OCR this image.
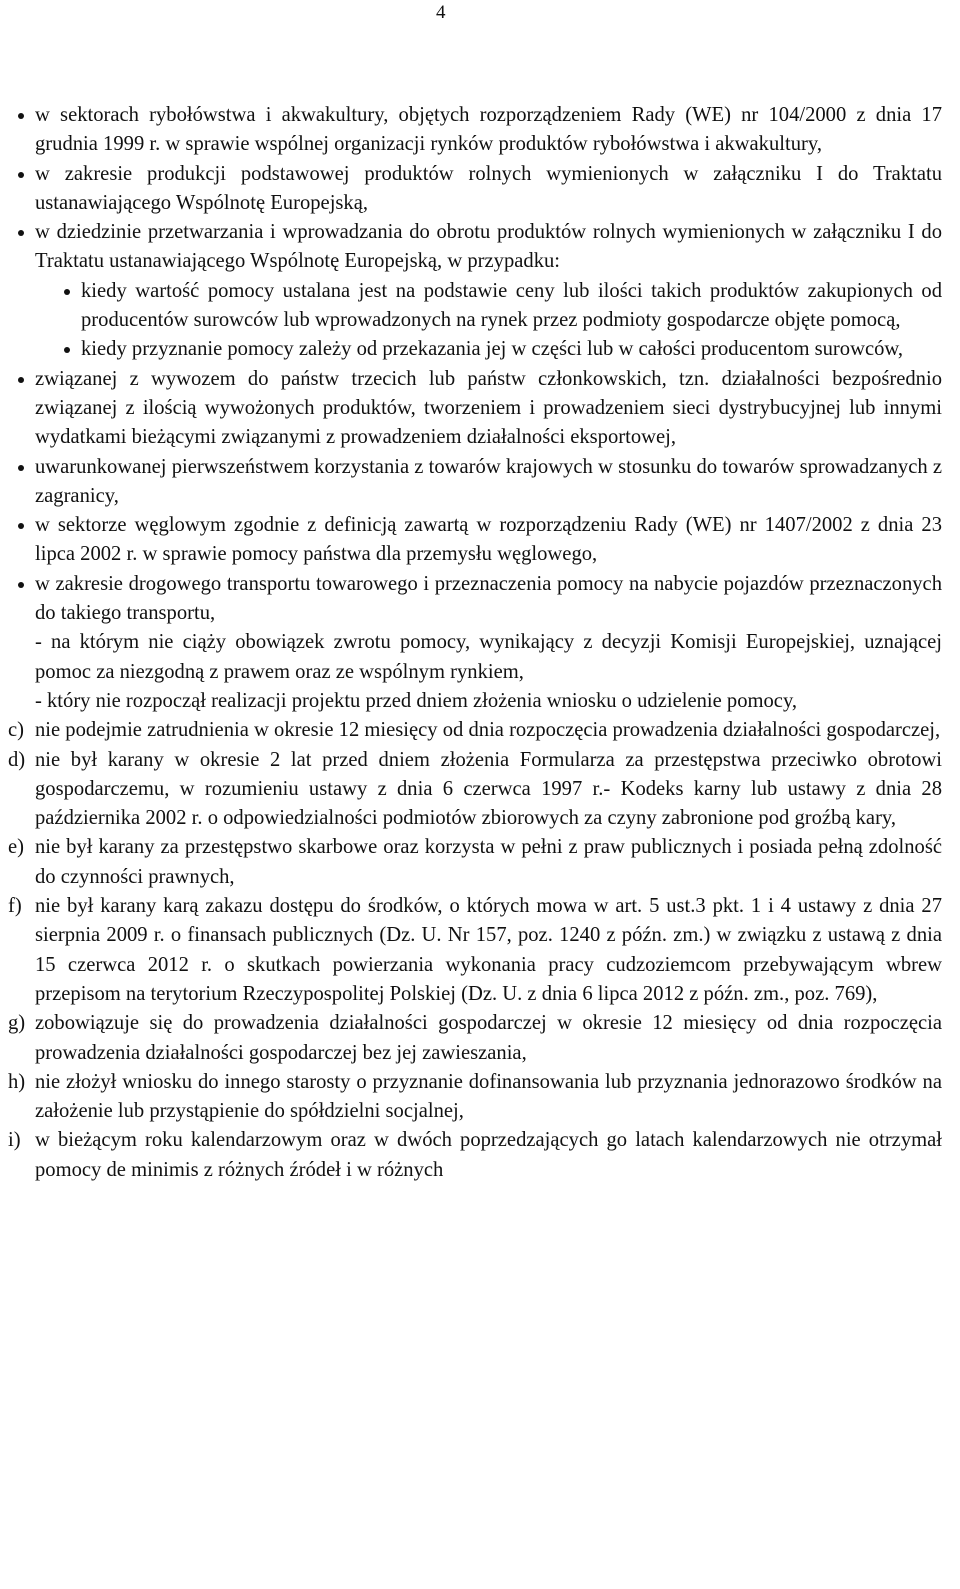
4
w sektorach rybołówstwa i akwakultury, objętych rozporządzeniem Rady (WE) nr 104/2000 z dnia 17 grudnia 1999 r. w sprawie wspólnej organizacji rynków produktów rybołówstwa i akwakultury,
w zakresie produkcji podstawowej produktów rolnych wymienionych w załączniku I do Traktatu ustanawiającego Wspólnotę Europejską,
w dziedzinie przetwarzania i wprowadzania do obrotu produktów rolnych wymienionych w załączniku I do Traktatu ustanawiającego Wspólnotę Europejską, w przypadku:
kiedy wartość pomocy ustalana jest na podstawie ceny lub ilości takich produktów zakupionych od producentów surowców lub wprowadzonych na rynek przez podmioty gospodarcze objęte pomocą,
kiedy przyznanie pomocy zależy od przekazania jej w części lub w całości producentom surowców,
związanej z wywozem do państw trzecich lub państw członkowskich, tzn. działalności bezpośrednio związanej z ilością wywożonych produktów, tworzeniem i prowadzeniem sieci dystrybucyjnej lub innymi wydatkami bieżącymi związanymi z prowadzeniem działalności eksportowej,
uwarunkowanej pierwszeństwem korzystania z towarów krajowych w stosunku do towarów sprowadzanych z zagranicy,
w sektorze węglowym zgodnie z definicją zawartą w rozporządzeniu Rady (WE) nr 1407/2002 z dnia 23 lipca 2002 r. w sprawie pomocy państwa dla przemysłu węglowego,
w zakresie drogowego transportu towarowego i przeznaczenia pomocy na nabycie pojazdów przeznaczonych do takiego transportu,
- na którym nie ciąży obowiązek zwrotu pomocy, wynikający z decyzji Komisji Europejskiej, uznającej pomoc za niezgodną z prawem oraz ze wspólnym rynkiem,
- który nie rozpoczął realizacji projektu przed dniem złożenia wniosku o udzielenie pomocy,
c) nie podejmie zatrudnienia w okresie 12 miesięcy od dnia rozpoczęcia prowadzenia działalności gospodarczej,
d) nie był karany w okresie 2 lat przed dniem złożenia Formularza za przestępstwa przeciwko obrotowi gospodarczemu, w rozumieniu ustawy z dnia 6 czerwca 1997 r.- Kodeks karny lub ustawy z dnia 28 października 2002 r. o odpowiedzialności podmiotów zbiorowych za czyny zabronione pod groźbą kary,
e) nie był karany za przestępstwo skarbowe oraz korzysta w pełni z praw publicznych i posiada pełną zdolność do czynności prawnych,
f) nie był karany karą zakazu dostępu do środków, o których mowa w art. 5 ust.3 pkt. 1 i 4 ustawy z dnia 27 sierpnia 2009 r. o finansach publicznych (Dz. U. Nr 157, poz. 1240 z późn. zm.) w związku z ustawą z dnia 15 czerwca 2012 r. o skutkach powierzania wykonania pracy cudzoziemcom przebywającym wbrew przepisom na terytorium Rzeczypospolitej Polskiej (Dz. U. z dnia 6 lipca 2012 z późn. zm., poz. 769),
g) zobowiązuje się do prowadzenia działalności gospodarczej w okresie 12 miesięcy od dnia rozpoczęcia prowadzenia działalności gospodarczej bez jej zawieszania,
h) nie złożył wniosku do innego starosty o przyznanie dofinansowania lub przyznania jednorazowo środków na założenie lub przystąpienie do spółdzielni socjalnej,
i) w bieżącym roku kalendarzowym oraz w dwóch poprzedzających go latach kalendarzowych nie otrzymał pomocy de minimis z różnych źródeł i w różnych
